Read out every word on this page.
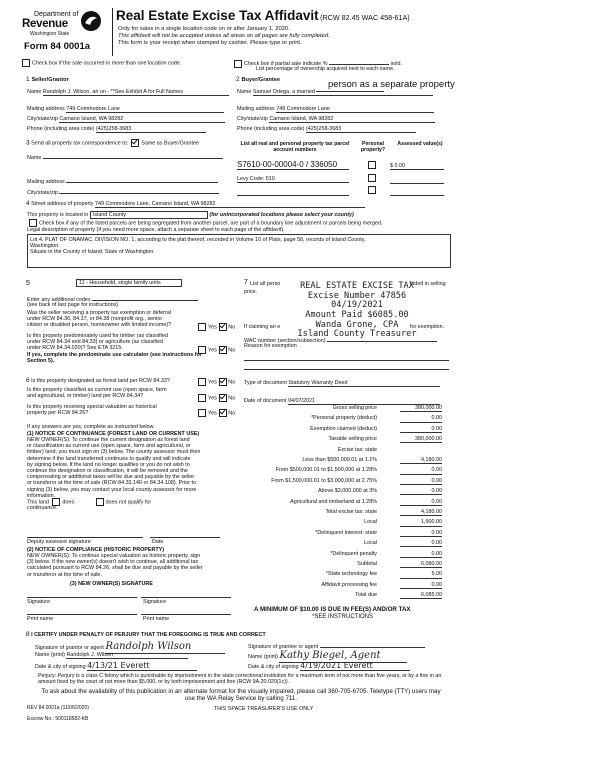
Department of
Revenue
Washington State
Form 84 0001a
Real Estate Excise Tax Affidavit (RCW 82.45 WAC 458-61A)
Only for sales in a single location code on or after January 1, 2020.
This affidavit will not be accepted unless all areas on all pages are fully completed.
This form is your receipt when stamped by cashier. Please type or print.
Check box if the sale occurred in more than one location code.	Check box if partial sale indicate %	sold.
List percentage of ownership acquired next to each name.
1 Seller/Grantor
Name Randolph J. Wilson, an un - **See Exhibit A for Full Names
Mailing address 749 Commodore Lane
City/state/zip Camano Island, WA 98282
Phone (including area code) (425)258-3683
2 Buyer/Grantee	person as a separate property
Name Samuel Ortega, a married
Mailing address 749 Commodore Lane
City/state/zip Camano Island, WA 98282
Phone (including area code) (425)258-3683
3 Send all property tax correspondence to: Same as Buyer/Grantee
Name
Mailing address
City/state/zip
List all real and personal property tax parcel account numbers
Personal property?
Assessed value(s)
S7610-00-00004-0 / 336050	$ 0.00
Levy Code: 510
4 Street address of property 749 Commodore Lane, Camano Island, WA 98282
This property is located in Island County	(for unincorporated locations please select your county)
Check box if any of the listed parcels are being segregated from another parcel, are part of a boundary line adjustment or parcels being merged.
Legal description of property (if you need more space, attach a separate sheet to each page of the affidavit).
Lot 4, PLAT OF ONAMAC, DIVISION NO. 1, according to the plat thereof, recorded in Volume 10 of Plats, page 58, records of Island County,
Washington.
Situate in the County of Island, State of Washington
5	11 - Household, single family units
Enter any additional codes
(see back of last page for instructions)
Was the seller receiving a property tax exemption or deferral
under RCW 84.36, 84.37, or 84.38 (nonprofit org., senior
citizen or disabled person, homeowner with limited income)?	Yes No
Is this property predominately used for timber (as classified
under RCW 84.34 and 84.33) or agriculture (as classified
under RCW 84.34.020)? See ETA 3215.
If yes, complete the predominate use calculator (see instructions for
Section 5).
Yes No
6 Is this property designated as forest land per RCW 84.33?	Yes No
Is this property classified as current use (open space, farm
and agricultural, or timber) land per RCW 84.34?	Yes No
Is this property receiving special valuation as historical
property per RCW 84.26?	Yes No
If any answers are yes, complete as instructed below.
(1) NOTICE OF CONTINUANCE (FOREST LAND OR CURRENT USE)
NEW OWNER(S): To continue the current designation as forest land
or classification as current use (open space, farm and agricultural, or
timber) land, you must sign on (3) below. The county assessor must then
determine if the land transferred continues to qualify and will indicate
by signing below. If the land no longer qualifies or you do not wish to
continue the designation or classification, it will be removed and the
compensating or additional taxes will be due and payable by the seller
or transferor at the time of sale (RCW 84.33.140 or 84.34.108). Prior to
signing (3) below, you may contact your local county assessor for more
information.
This land	does	does not qualify for
continuance.
Deputy assessor signature	Date
(2) NOTICE OF COMPLIANCE (HISTORIC PROPERTY)
NEW OWNER(S): To continue special valuation as historic property, sign
(3) below. If the new owner(s) doesn't wish to continue, all additional tax
calculated pursuant to RCW 84.26, shall be due and payable by the seller
or transferor at the time of sale.
(3) NEW OWNER(S) SIGNATURE
Signature	Signature
Print name	Print name
7 List all perso
price.
luded in selling
If claiming an e	for exemption.
WAC number (section/subsection)
Reason for exemption
REAL ESTATE EXCISE TAX
Excise Number 47856
04/19/2021
Amount Paid $6085.00
Wanda Grone, CPA
Island County Treasurer
Type of document Statutory Warranty Deed
Date of document 04/07/2021
Gross selling price	380,000.00
*Personal property (deduct)	0.00
Exemption claimed (deduct)	0.00
Taxable selling price	380,000.00
Excise tax: state
Less than $500,000.01 at 1.1%	4,180.00
From $500,000.01 to $1,500,000 at 1.28%	0.00
From $1,500,000.01 to $3,000,000 at 2.75%	0.00
Above $3,000,000 at 3%	0.00
Agricultural and timberland at 1.28%	0.00
Total excise tax: state	4,180.00
Local	1,900.00
*Delinquent interest: state	0.00
Local	0.00
*Delinquent penalty	0.00
Subtotal	6,080.00
*State technology fee	5.00
Affidavit processing fee	0.00
Total due	6,085.00
A MINIMUM OF $10.00 IS DUE IN FEE(S) AND/OR TAX
*SEE INSTRUCTIONS
8 I CERTIFY UNDER PENALTY OF PERJURY THAT THE FOREGOING IS TRUE AND CORRECT
Signature of grantor or agent Randolph Wilson
Name (print) Randolph J. Wilson
Date & city of signing 4/13/21 Everett
Signature of grantee or agent
Name (print) Kathy Biegel, Agent
Date & city of signing 4/19/2021 Everett
Perjury: Perjury is a class C felony which is punishable by imprisonment in the state correctional institution for a maximum term of not more than five years, or by a fine in an amount fixed by the court of not more than $5,000, or by both imprisonment and fine (RCW 9A.20.020(1c)).
To ask about the availability of this publication in an alternate format for the visually impaired, please call 360-705-6705. Teletype (TTY) users may use the WA Relay Service by calling 711.
REV 84 0001a (11/06/2020)	THIS SPACE TREASURER'S USE ONLY
Escrow No.: 500118582-KB
